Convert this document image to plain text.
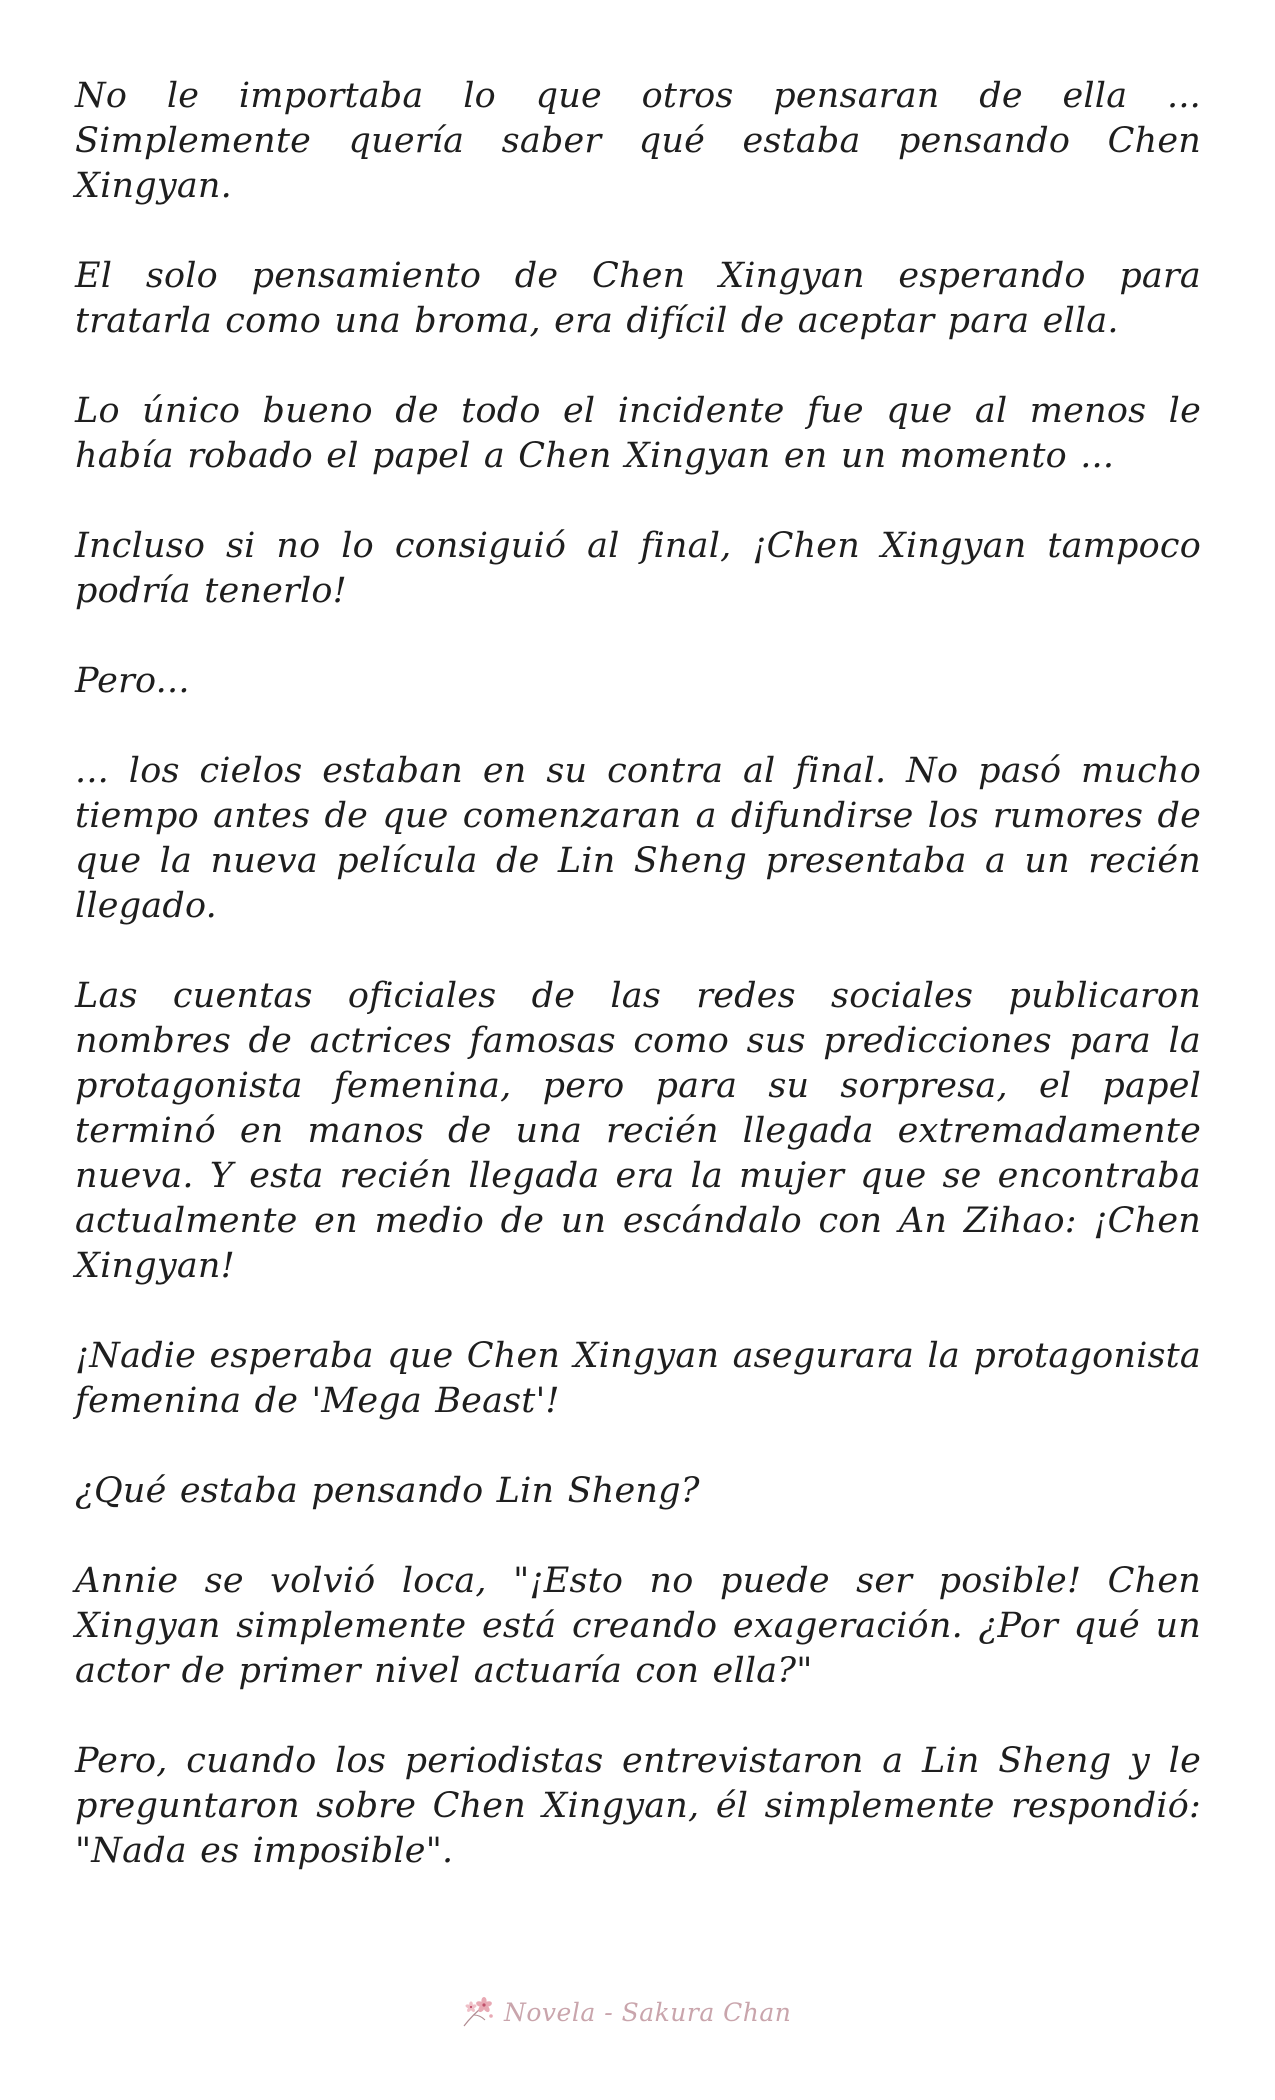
No le importaba lo que otros pensaran de ella ... Simplemente quería saber qué estaba pensando Chen Xingyan.

El solo pensamiento de Chen Xingyan esperando para tratarla como una broma, era difícil de aceptar para ella.

Lo único bueno de todo el incidente fue que al menos le había robado el papel a Chen Xingyan en un momento ...

Incluso si no lo consiguió al final, ¡Chen Xingyan tampoco podría tenerlo!

Pero...

... los cielos estaban en su contra al final. No pasó mucho tiempo antes de que comenzaran a difundirse los rumores de que la nueva película de Lin Sheng presentaba a un recién llegado.

Las cuentas oficiales de las redes sociales publicaron nombres de actrices famosas como sus predicciones para la protagonista femenina, pero para su sorpresa, el papel terminó en manos de una recién llegada extremadamente nueva. Y esta recién llegada era la mujer que se encontraba actualmente en medio de un escándalo con An Zihao: ¡Chen Xingyan!

¡Nadie esperaba que Chen Xingyan asegurara la protagonista femenina de 'Mega Beast'!

¿Qué estaba pensando Lin Sheng?

Annie se volvió loca, "¡Esto no puede ser posible! Chen Xingyan simplemente está creando exageración. ¿Por qué un actor de primer nivel actuaría con ella?"

Pero, cuando los periodistas entrevistaron a Lin Sheng y le preguntaron sobre Chen Xingyan, él simplemente respondió: "Nada es imposible".

Novela - Sakura Chan
